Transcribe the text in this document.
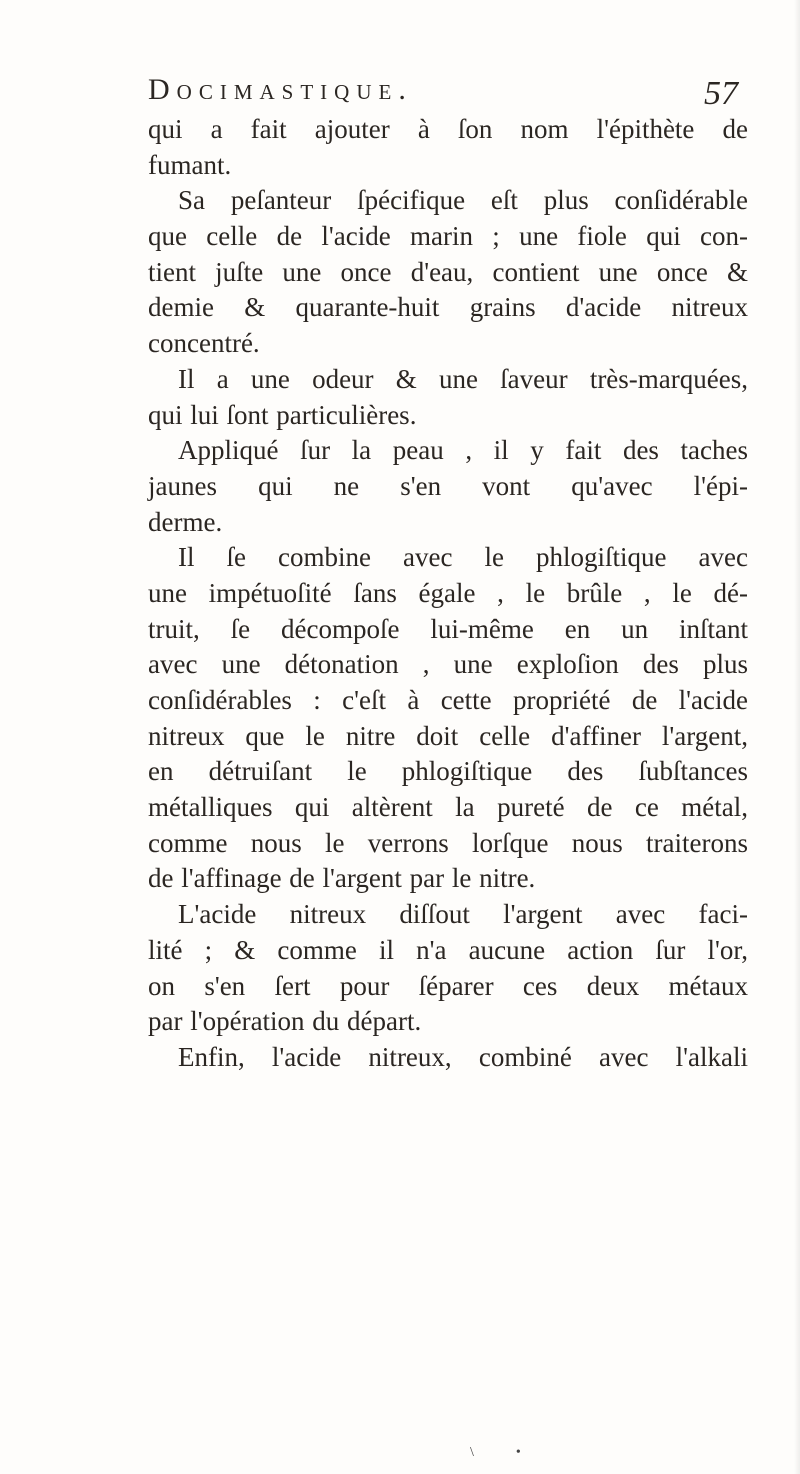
Docimastique.	57
qui a fait ajouter à ſon nom l'épithète de
fumant.
Sa peſanteur ſpécifique eſt plus conſidérable
que celle de l'acide marin ; une fiole qui con-
tient juſte une once d'eau, contient une once &
demie & quarante-huit grains d'acide nitreux
concentré.
Il a une odeur & une ſaveur très-marquées,
qui lui ſont particulières.
Appliqué ſur la peau , il y fait des taches
jaunes qui ne s'en vont qu'avec l'épi-
derme.
Il ſe combine avec le phlogiſtique avec
une impétuoſité ſans égale , le brûle , le dé-
truit, ſe décompoſe lui-même en un inſtant
avec une détonation , une exploſion des plus
conſidérables : c'eſt à cette propriété de l'acide
nitreux que le nitre doit celle d'affiner l'argent,
en détruiſant le phlogiſtique des ſubſtances
métalliques qui altèrent la pureté de ce métal,
comme nous le verrons lorſque nous traiterons
de l'affinage de l'argent par le nitre.
L'acide nitreux diſſout l'argent avec faci-
lité ; & comme il n'a aucune action ſur l'or,
on s'en ſert pour ſéparer ces deux métaux
par l'opération du départ.
Enfin, l'acide nitreux, combiné avec l'alkali
\            •
